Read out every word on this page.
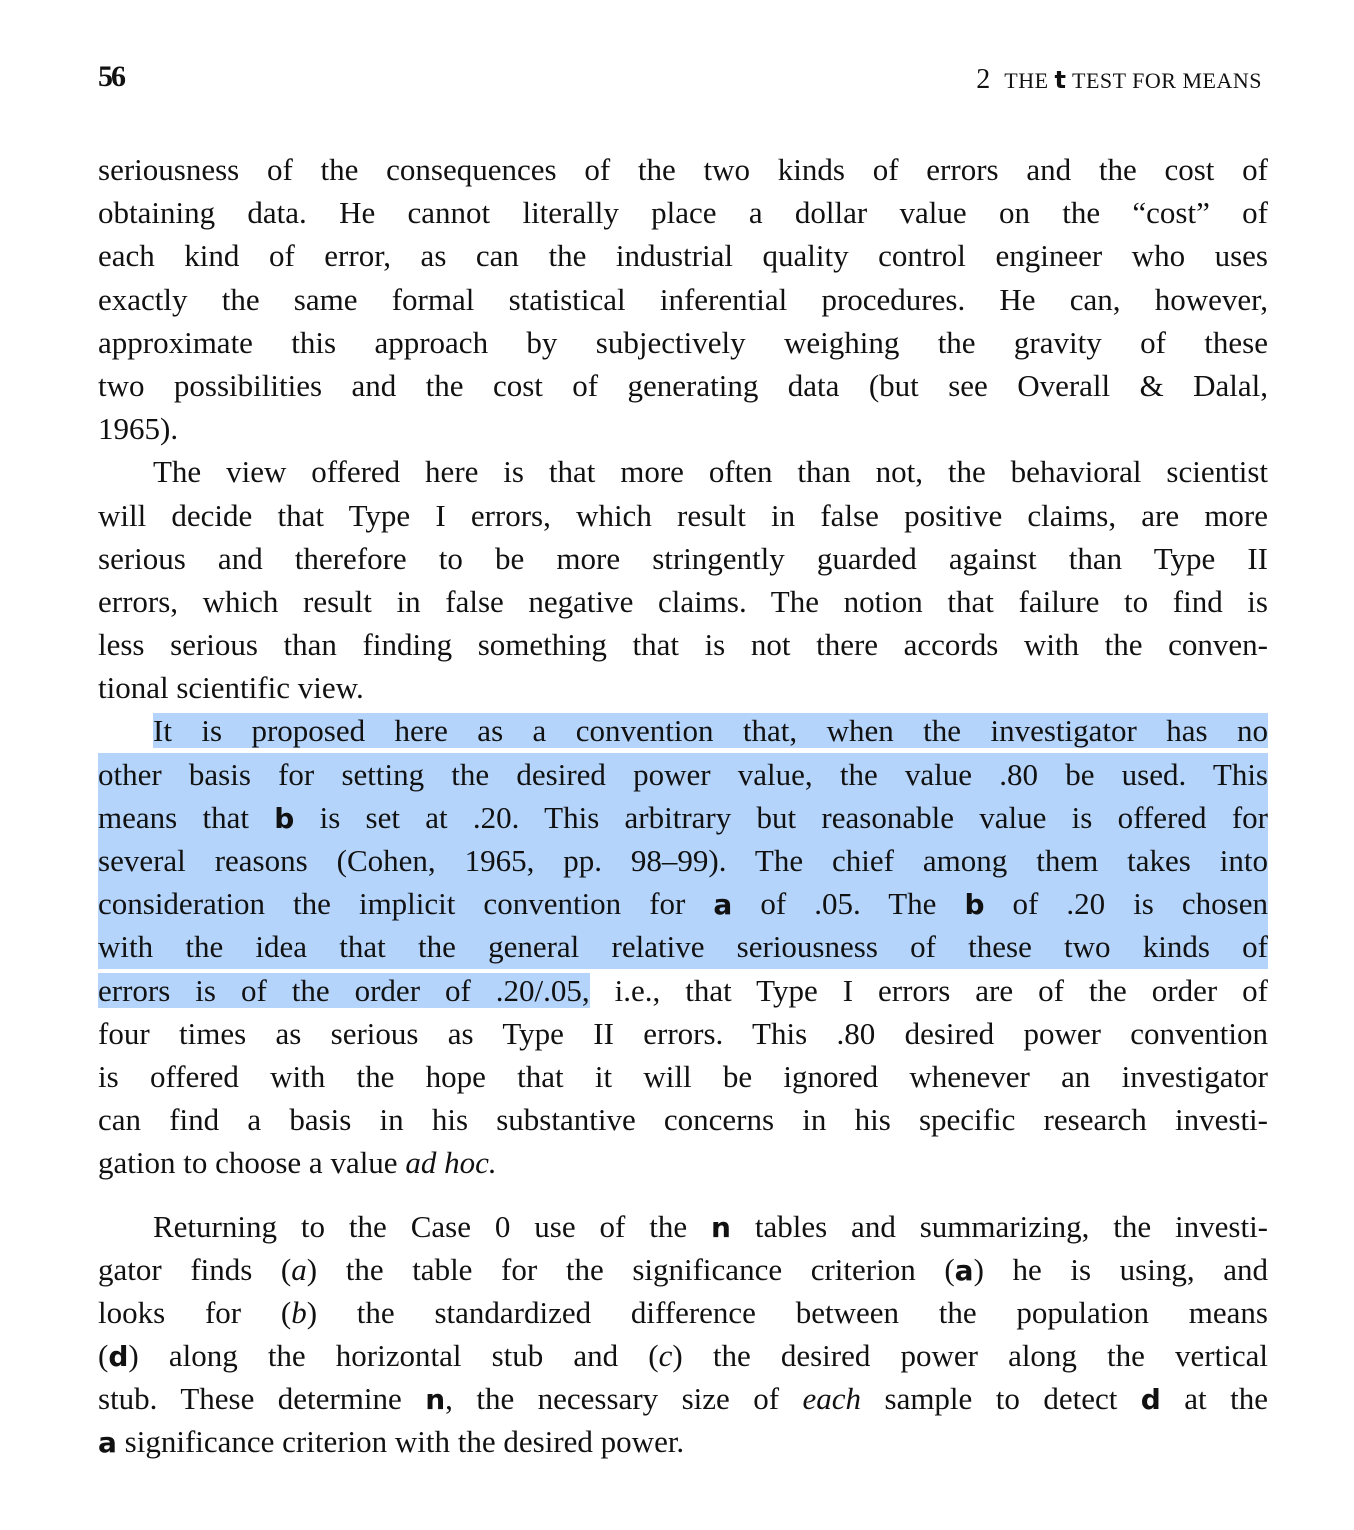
56	2 THE t TEST FOR MEANS
seriousness of the consequences of the two kinds of errors and the cost of
obtaining data. He cannot literally place a dollar value on the “cost” of
each kind of error, as can the industrial quality control engineer who uses
exactly the same formal statistical inferential procedures. He can, however,
approximate this approach by subjectively weighing the gravity of these
two possibilities and the cost of generating data (but see Overall & Dalal,
1965).
The view offered here is that more often than not, the behavioral scientist
will decide that Type I errors, which result in false positive claims, are more
serious and therefore to be more stringently guarded against than Type II
errors, which result in false negative claims. The notion that failure to find is
less serious than finding something that is not there accords with the conven-
tional scientific view.
It is proposed here as a convention that, when the investigator has no
other basis for setting the desired power value, the value .80 be used. This
means that b is set at .20. This arbitrary but reasonable value is offered for
several reasons (Cohen, 1965, pp. 98–99). The chief among them takes into
consideration the implicit convention for a of .05. The b of .20 is chosen
with the idea that the general relative seriousness of these two kinds of
errors is of the order of .20/.05, i.e., that Type I errors are of the order of
four times as serious as Type II errors. This .80 desired power convention
is offered with the hope that it will be ignored whenever an investigator
can find a basis in his substantive concerns in his specific research investi-
gation to choose a value ad hoc.
Returning to the Case 0 use of the n tables and summarizing, the investi-
gator finds (a) the table for the significance criterion (a) he is using, and
looks for (b) the standardized difference between the population means
(d) along the horizontal stub and (c) the desired power along the vertical
stub. These determine n, the necessary size of each sample to detect d at the
a significance criterion with the desired power.
